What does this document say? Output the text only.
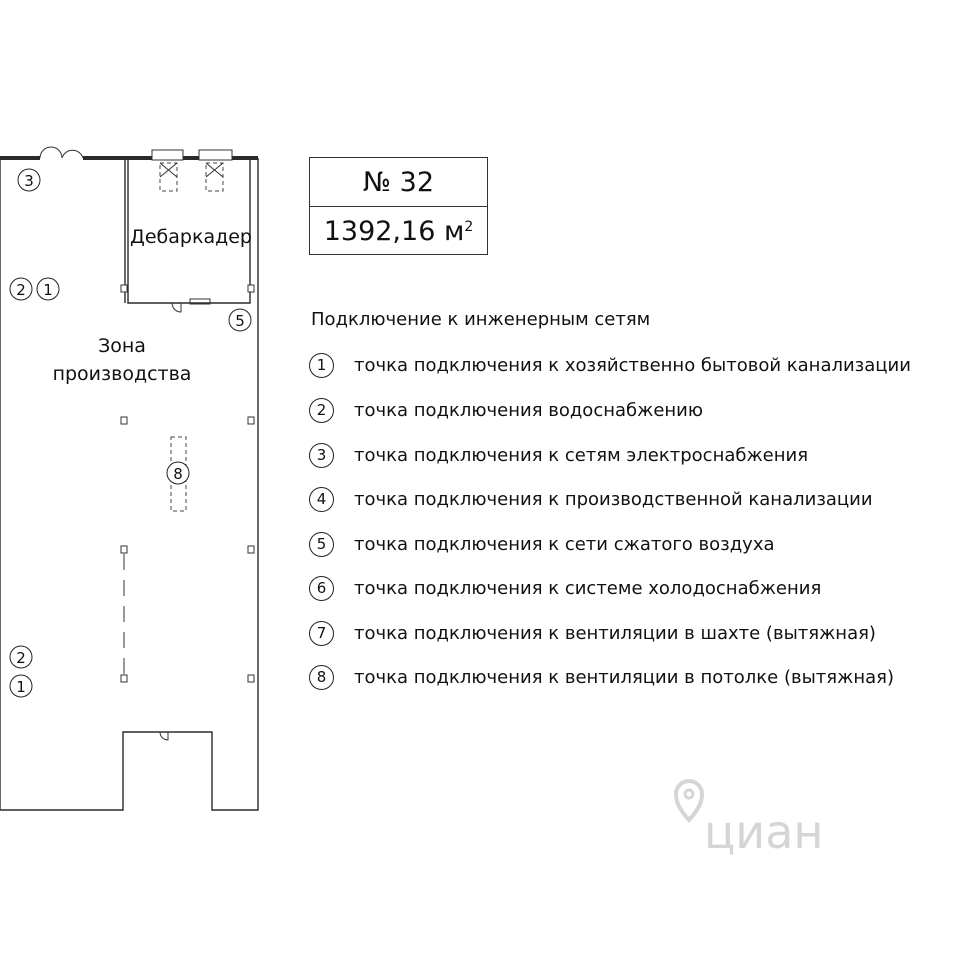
Дебаркадер
Зона
производства
3
2 1
5
8
2
1
циан
№ 32
1392,16
$м^2$
Подключение к инженерным сетям
1	точка подключения к хозяйственно бытовой канализации
2	точка подключения водоснабжению
3	точка подключения к сетям электроснабжения
4	точка подключения к производственной канализации
5	точка подключения к сети сжатого воздуха
6	точка подключения к системе холодоснабжения
7	точка подключения к вентиляции в шахте (вытяжная)
8	точка подключения к вентиляции в потолке (вытяжная)
